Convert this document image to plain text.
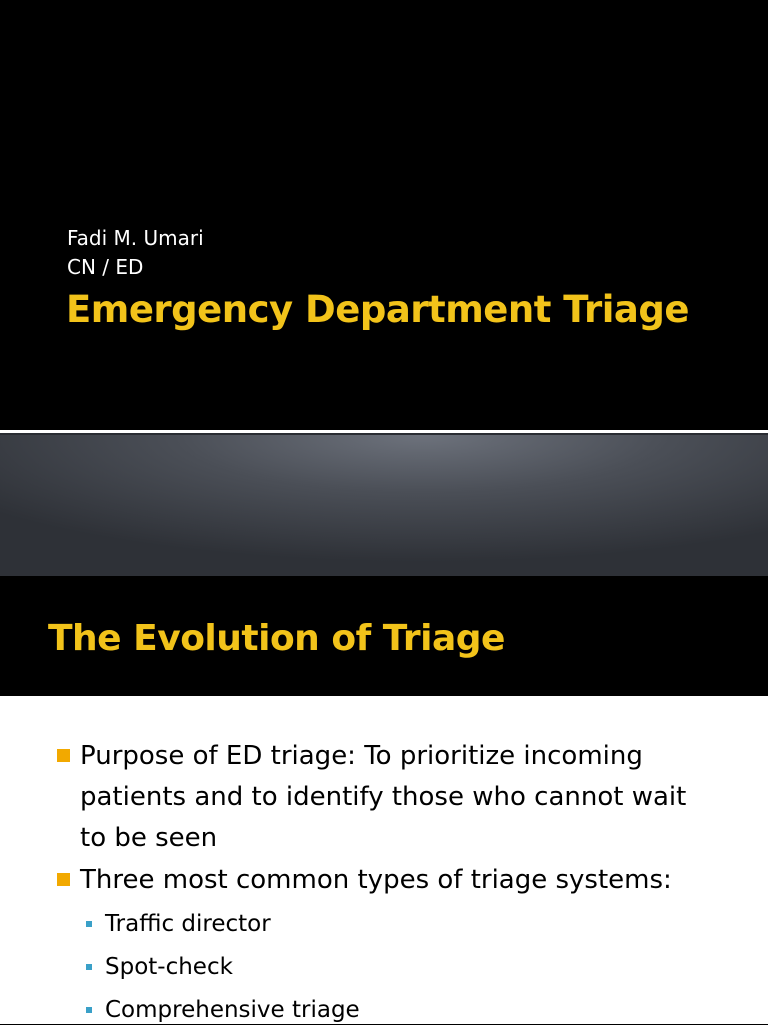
Fadi M. Umari
CN / ED
Emergency Department Triage
The Evolution of Triage
Purpose of ED triage: To prioritize incoming patients and to identify those who cannot wait to be seen
Three most common types of triage systems:
Traffic director
Spot-check
Comprehensive triage
